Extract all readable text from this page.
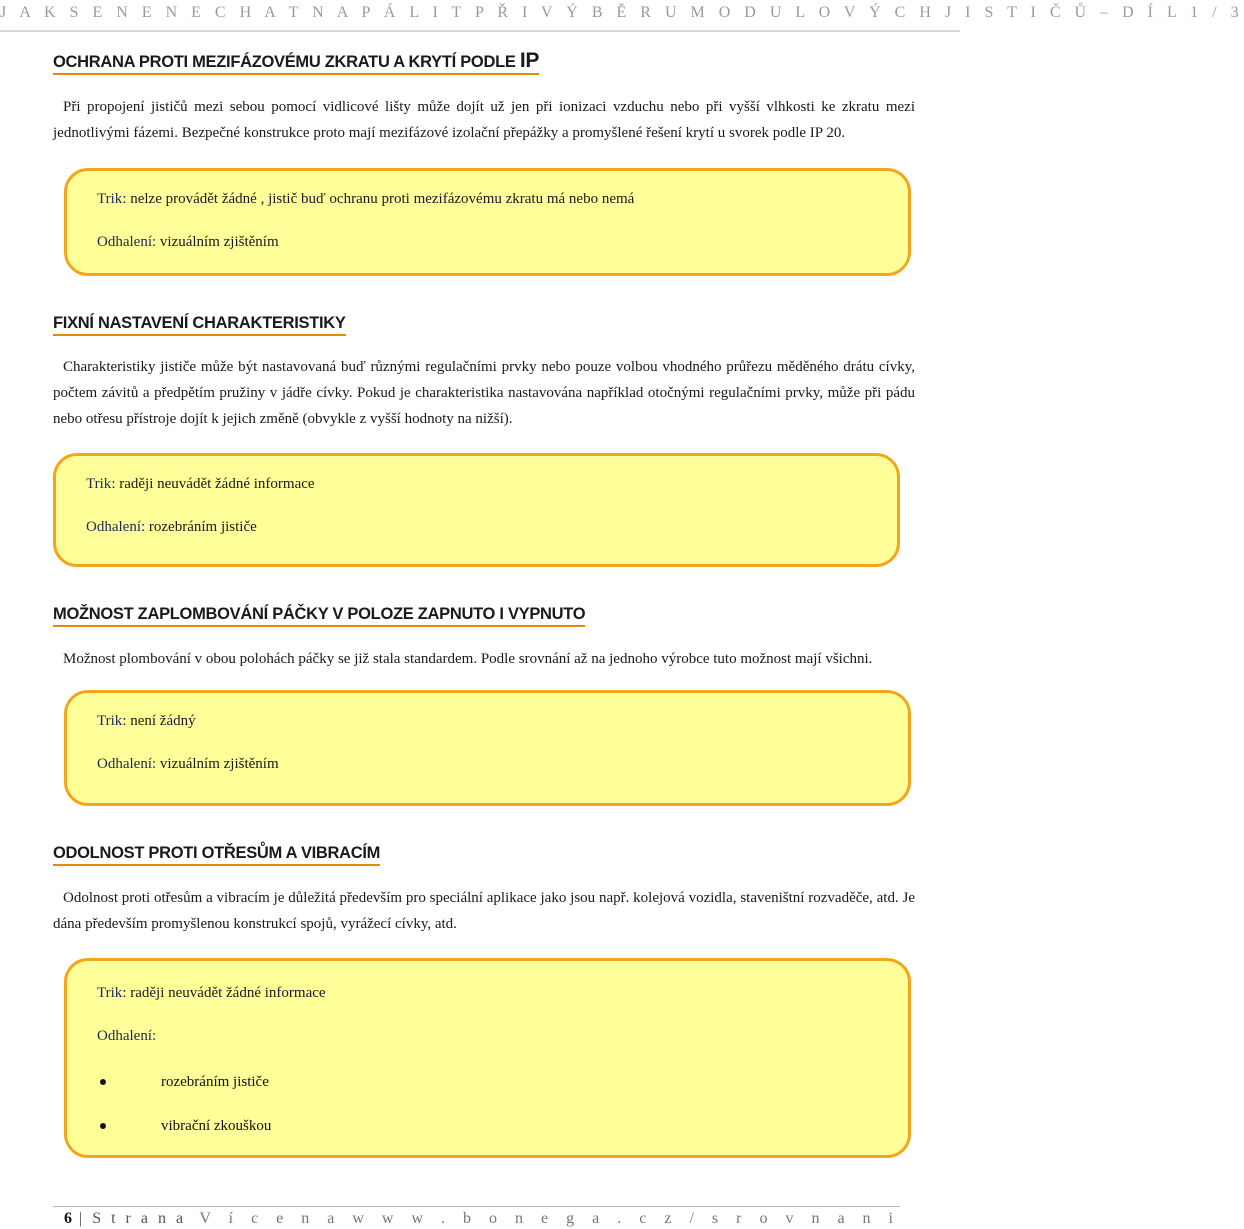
J A K S E N E N E C H A T N A P Á L I T P Ř I V Ý B Ě R U M O D U L O V Ý C H J I S T I Č Ů – D Í L 1 / 3
OCHRANA PROTI MEZIFÁZOVÉMU ZKRATU A KRYTÍ PODLE IP

Při propojení jističů mezi sebou pomocí vidlicové lišty může dojít už jen při ionizaci vzduchu nebo při vyšší vlhkosti ke zkratu mezi jednotlivými fázemi. Bezpečné konstrukce proto mají mezifázové izolační přepážky a promyšlené řešení krytí u svorek podle IP 20.

Trik: nelze provádět žádné , jistič buď ochranu proti mezifázovému zkratu má nebo nemá
Odhalení: vizuálním zjištěním
FIXNÍ NASTAVENÍ CHARAKTERISTIKY

Charakteristiky jističe může být nastavovaná buď různými regulačními prvky nebo pouze volbou vhodného průřezu měděného drátu cívky, počtem závitů a předpětím pružiny v jádře cívky. Pokud je charakteristika nastavována například otočnými regulačními prvky, může při pádu nebo otřesu přístroje dojít k jejich změně (obvykle z vyšší hodnoty na nižší).

Trik: raději neuvádět žádné informace
Odhalení: rozebráním jističe
MOŽNOST ZAPLOMBOVÁNÍ PÁČKY V POLOZE ZAPNUTO I VYPNUTO

Možnost plombování v obou polohách páčky se již stala standardem. Podle srovnání až na jednoho výrobce tuto možnost mají všichni.

Trik: není žádný
Odhalení: vizuálním zjištěním
ODOLNOST PROTI OTŘESŮM A VIBRACÍM

Odolnost proti otřesům a vibracím je důležitá především pro speciální aplikace jako jsou např. kolejová vozidla, staveništní rozvaděče, atd. Je dána především promyšlenou konstrukcí spojů, vyrážecí cívky, atd.

Trik: raději neuvádět žádné informace
Odhalení:
rozebráním jističe
vibrační zkouškou
6 | S t r a n a V í c e n a w w w . b o n e g a . c z / s r o v n a n i
